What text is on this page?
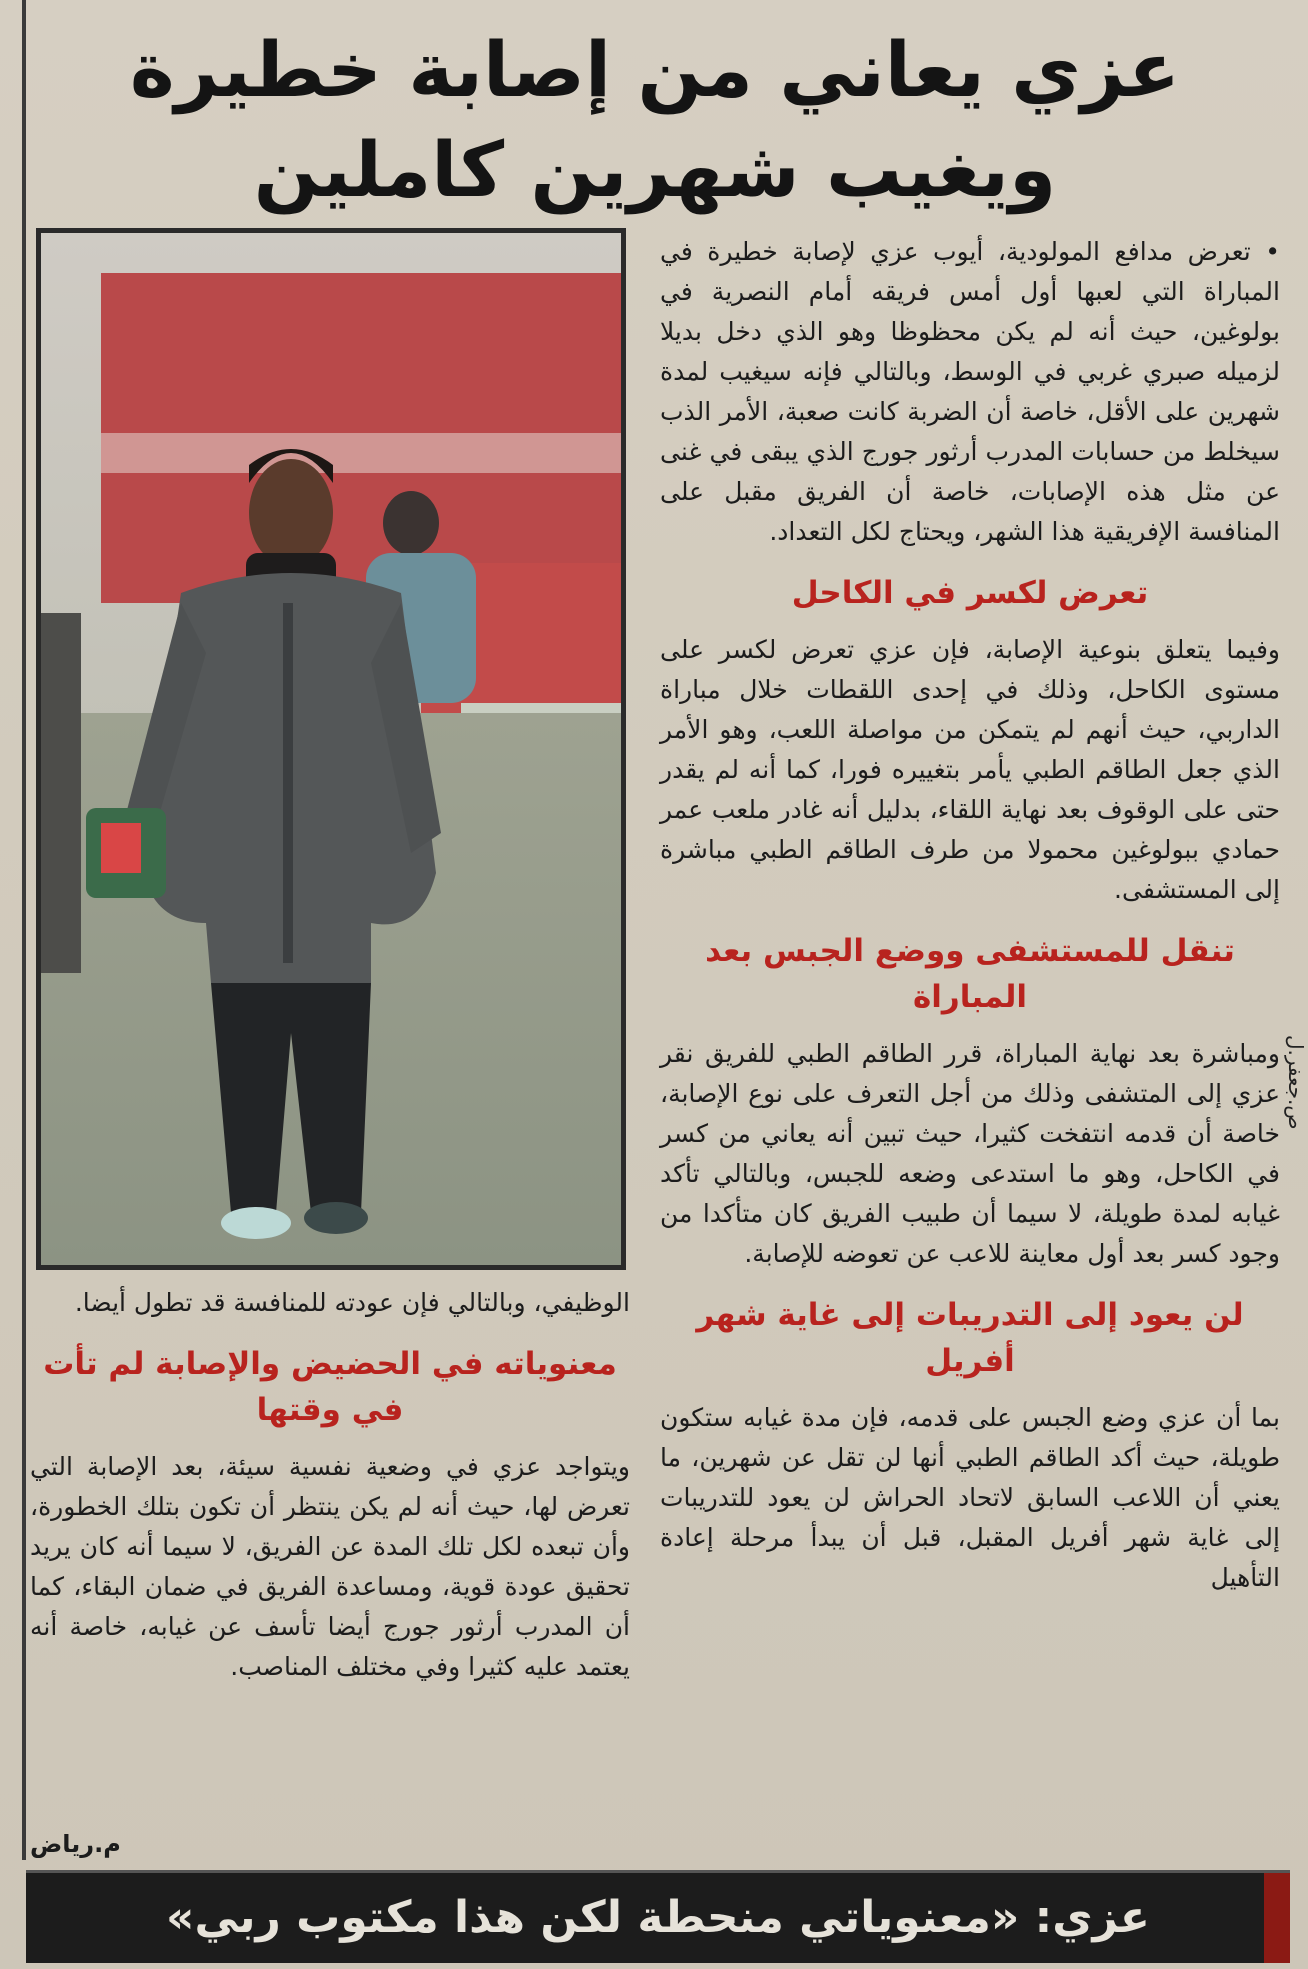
عزي يعاني من إصابة خطيرة ويغيب شهرين كاملين

• تعرض مدافع المولودية، أيوب عزي لإصابة خطيرة في المباراة التي لعبها أول أمس فريقه أمام النصرية في بولوغين، حيث أنه لم يكن محظوظا وهو الذي دخل بديلا لزميله صبري غربي في الوسط، وبالتالي فإنه سيغيب لمدة شهرين على الأقل، خاصة أن الضربة كانت صعبة، الأمر الذب سيخلط من حسابات المدرب أرثور جورج الذي يبقى في غنى عن مثل هذه الإصابات، خاصة أن الفريق مقبل على المنافسة الإفريقية هذا الشهر، ويحتاج لكل التعداد.

تعرض لكسر في الكاحل

وفيما يتعلق بنوعية الإصابة، فإن عزي تعرض لكسر على مستوى الكاحل، وذلك في إحدى اللقطات خلال مباراة الداربي، حيث أنهم لم يتمكن من مواصلة اللعب، وهو الأمر الذي جعل الطاقم الطبي يأمر بتغييره فورا، كما أنه لم يقدر حتى على الوقوف بعد نهاية اللقاء، بدليل أنه غادر ملعب عمر حمادي ببولوغين محمولا من طرف الطاقم الطبي مباشرة إلى المستشفى.

تنقل للمستشفى ووضع الجبس بعد المباراة

ومباشرة بعد نهاية المباراة، قرر الطاقم الطبي للفريق نقر عزي إلى المتشفى وذلك من أجل التعرف على نوع الإصابة، خاصة أن قدمه انتفخت كثيرا، حيث تبين أنه يعاني من كسر في الكاحل، وهو ما استدعى وضعه للجبس، وبالتالي تأكد غيابه لمدة طويلة، لا سيما أن طبيب الفريق كان متأكدا من وجود كسر بعد أول معاينة للاعب عن تعوضه للإصابة.

لن يعود إلى التدريبات إلى غاية شهر أفريل

بما أن عزي وضع الجبس على قدمه، فإن مدة غيابه ستكون طويلة، حيث أكد الطاقم الطبي أنها لن تقل عن شهرين، ما يعني أن اللاعب السابق لاتحاد الحراش لن يعود للتدريبات إلى غاية شهر أفريل المقبل، قبل أن يبدأ مرحلة إعادة التأهيل

الوظيفي، وبالتالي فإن عودته للمنافسة قد تطول أيضا.

معنوياته في الحضيض والإصابة لم تأت في وقتها

ويتواجد عزي في وضعية نفسية سيئة، بعد الإصابة التي تعرض لها، حيث أنه لم يكن ينتظر أن تكون بتلك الخطورة، وأن تبعده لكل تلك المدة عن الفريق، لا سيما أنه كان يريد تحقيق عودة قوية، ومساعدة الفريق في ضمان البقاء، كما أن المدرب أرثور جورج أيضا تأسف عن غيابه، خاصة أنه يعتمد عليه كثيرا وفي مختلف المناصب.

م.رياض
ص.جعفر.ل
عزي: «معنوياتي منحطة لكن هذا مكتوب ربي»
